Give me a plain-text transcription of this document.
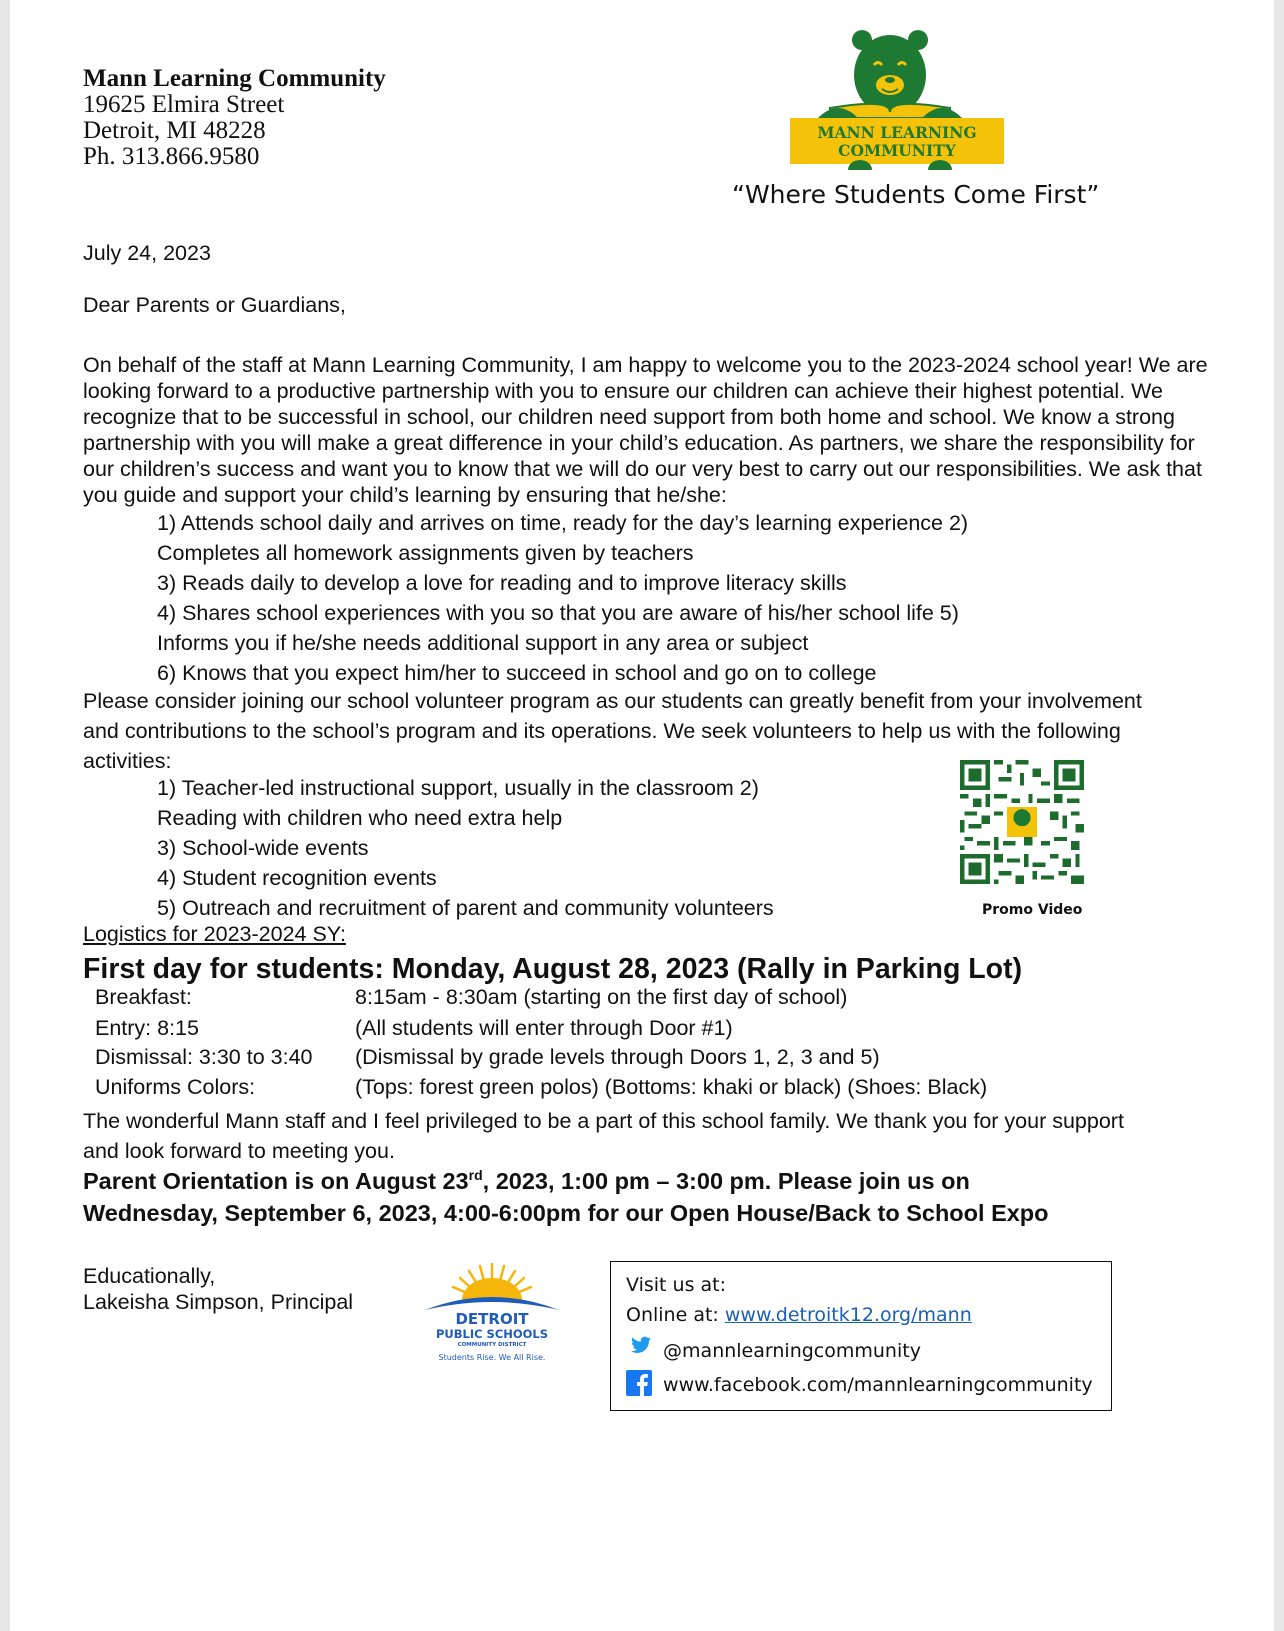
Mann Learning Community
19625 Elmira Street
Detroit, MI 48228
Ph. 313.866.9580
MANN LEARNING
COMMUNITY
“Where Students Come First”
July 24, 2023
Dear Parents or Guardians,
On behalf of the staff at Mann Learning Community, I am happy to welcome you to the 2023-2024 school year! We are looking forward to a productive partnership with you to ensure our children can achieve their highest potential. We recognize that to be successful in school, our children need support from both home and school. We know a strong partnership with you will make a great difference in your child’s education. As partners, we share the responsibility for our children’s success and want you to know that we will do our very best to carry out our responsibilities. We ask that you guide and support your child’s learning by ensuring that he/she:
1) Attends school daily and arrives on time, ready for the day’s learning experience 2)
Completes all homework assignments given by teachers
3) Reads daily to develop a love for reading and to improve literacy skills
4) Shares school experiences with you so that you are aware of his/her school life 5)
Informs you if he/she needs additional support in any area or subject
6) Knows that you expect him/her to succeed in school and go on to college
Please consider joining our school volunteer program as our students can greatly benefit from your involvement and contributions to the school’s program and its operations. We seek volunteers to help us with the following activities:
1) Teacher-led instructional support, usually in the classroom 2)
Reading with children who need extra help
3) School-wide events
4) Student recognition events
5) Outreach and recruitment of parent and community volunteers	Promo Video
Logistics for 2023-2024 SY:
First day for students: Monday, August 28, 2023 (Rally in Parking Lot)
Breakfast:	8:15am - 8:30am (starting on the first day of school)
Entry: 8:15	(All students will enter through Door #1)
Dismissal: 3:30 to 3:40 (Dismissal by grade levels through Doors 1, 2, 3 and 5)
Uniforms Colors:	(Tops: forest green polos) (Bottoms: khaki or black) (Shoes: Black)
The wonderful Mann staff and I feel privileged to be a part of this school family. We thank you for your support and look forward to meeting you.
Parent Orientation is on August 23rd, 2023, 1:00 pm – 3:00 pm. Please join us on
Wednesday, September 6, 2023, 4:00-6:00pm for our Open House/Back to School Expo
Educationally,
Lakeisha Simpson, Principal
DETROIT
PUBLIC SCHOOLS
COMMUNITY DISTRICT
Students Rise. We All Rise.
Visit us at:
Online at: www.detroitk12.org/mann
@mannlearningcommunity
www.facebook.com/mannlearningcommunity
